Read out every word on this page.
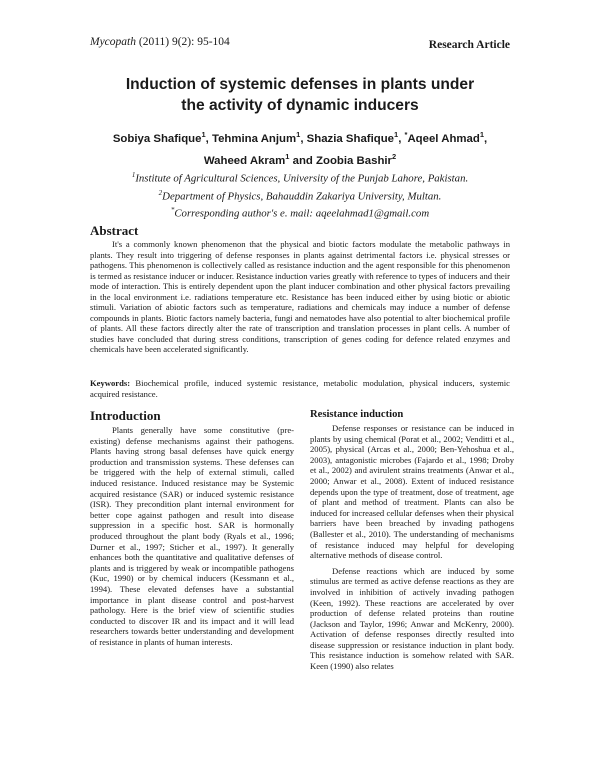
Mycopath (2011) 9(2): 95-104	Research Article
Induction of systemic defenses in plants under
the activity of dynamic inducers
Sobiya Shafique$^1$, Tehmina Anjum$^1$, Shazia Shafique$^1$, *Aqeel Ahmad$^1$,
Waheed Akram$^1$ and Zoobia Bashir$^2$
$^1$Institute of Agricultural Sciences, University of the Punjab Lahore, Pakistan.
$^2$Department of Physics, Bahauddin Zakariya University, Multan.
*Corresponding author's e. mail: aqeelahmad1@gmail.com
Abstract

It's a commonly known phenomenon that the physical and biotic factors modulate the metabolic pathways in plants. They result into triggering of defense responses in plants against detrimental factors i.e. physical stresses or pathogens. This phenomenon is collectively called as resistance induction and the agent responsible for this phenomenon is termed as resistance inducer or inducer. Resistance induction varies greatly with reference to types of inducers and their mode of interaction. This is entirely dependent upon the plant inducer combination and other physical factors prevailing in the local environment i.e. radiations temperature etc. Resistance has been induced either by using biotic or abiotic stimuli. Variation of abiotic factors such as temperature, radiations and chemicals may induce a number of defense compounds in plants. Biotic factors namely bacteria, fungi and nematodes have also potential to alter biochemical profile of plants. All these factors directly alter the rate of transcription and translation processes in plant cells. A number of studies have concluded that during stress conditions, transcription of genes coding for defence related enzymes and chemicals have been accelerated significantly.

Keywords: Biochemical profile, induced systemic resistance, metabolic modulation, physical inducers, systemic acquired resistance.
Introduction

Plants generally have some constitutive (pre-existing) defense mechanisms against their pathogens. Plants having strong basal defenses have quick energy production and transmission systems. These defenses can be triggered with the help of external stimuli, called induced resistance. Induced resistance may be Systemic acquired resistance (SAR) or induced systemic resistance (ISR). They precondition plant internal environment for better cope against pathogen and result into disease suppression in a specific host. SAR is hormonally produced throughout the plant body (Ryals et al., 1996; Durner et al., 1997; Sticher et al., 1997). It generally enhances both the quantitative and qualitative defenses of plants and is triggered by weak or incompatible pathogens (Kuc, 1990) or by chemical inducers (Kessmann et al., 1994). These elevated defenses have a substantial importance in plant disease control and post-harvest pathology. Here is the brief view of scientific studies conducted to discover IR and its impact and it will lead researchers towards better understanding and development of resistance in plants of human interests.

Resistance induction

Defense responses or resistance can be induced in plants by using chemical (Porat et al., 2002; Venditti et al., 2005), physical (Arcas et al., 2000; Ben-Yehoshua et al., 2003), antagonistic microbes (Fajardo et al., 1998; Droby et al., 2002) and avirulent strains treatments (Anwar et al., 2000; Anwar et al., 2008). Extent of induced resistance depends upon the type of treatment, dose of treatment, age of plant and method of treatment. Plants can also be induced for increased cellular defenses when their physical barriers have been breached by invading pathogens (Ballester et al., 2010). The understanding of mechanisms of resistance induced may helpful for developing alternative methods of disease control.

Defense reactions which are induced by some stimulus are termed as active defense reactions as they are involved in inhibition of actively invading pathogen (Keen, 1992). These reactions are accelerated by over production of defense related proteins than routine (Jackson and Taylor, 1996; Anwar and McKenry, 2000). Activation of defense responses directly resulted into disease suppression or resistance induction in plant body. This resistance induction is somehow related with SAR. Keen (1990) also relates
